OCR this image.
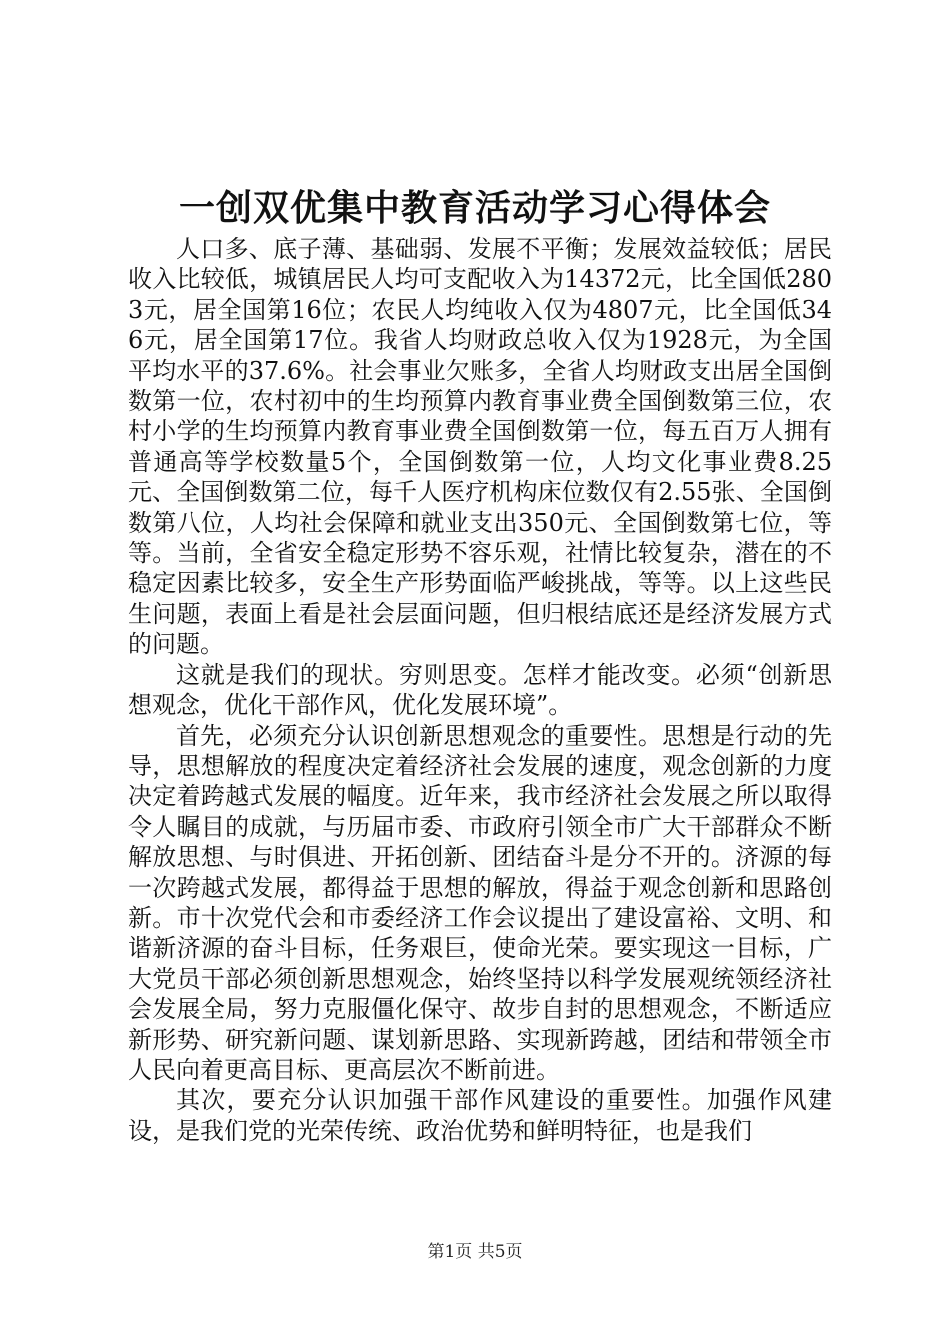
一创双优集中教育活动学习心得体会

人口多、底子薄、基础弱、发展不平衡；发展效益较低；居民收入比较低，城镇居民人均可支配收入为14372元，比全国低2803元，居全国第16位；农民人均纯收入仅为4807元，比全国低346元，居全国第17位。我省人均财政总收入仅为1928元，为全国平均水平的37.6%。社会事业欠账多，全省人均财政支出居全国倒数第一位，农村初中的生均预算内教育事业费全国倒数第三位，农村小学的生均预算内教育事业费全国倒数第一位，每五百万人拥有普通高等学校数量5个，全国倒数第一位，人均文化事业费8.25元、全国倒数第二位，每千人医疗机构床位数仅有2.55张、全国倒数第八位，人均社会保障和就业支出350元、全国倒数第七位，等等。当前，全省安全稳定形势不容乐观，社情比较复杂，潜在的不稳定因素比较多，安全生产形势面临严峻挑战，等等。以上这些民生问题，表面上看是社会层面问题，但归根结底还是经济发展方式的问题。

这就是我们的现状。穷则思变。怎样才能改变。必须“创新思想观念，优化干部作风，优化发展环境”。

首先，必须充分认识创新思想观念的重要性。思想是行动的先导，思想解放的程度决定着经济社会发展的速度，观念创新的力度决定着跨越式发展的幅度。近年来，我市经济社会发展之所以取得令人瞩目的成就，与历届市委、市政府引领全市广大干部群众不断解放思想、与时俱进、开拓创新、团结奋斗是分不开的。济源的每一次跨越式发展，都得益于思想的解放，得益于观念创新和思路创新。市十次党代会和市委经济工作会议提出了建设富裕、文明、和谐新济源的奋斗目标，任务艰巨，使命光荣。要实现这一目标，广大党员干部必须创新思想观念，始终坚持以科学发展观统领经济社会发展全局，努力克服僵化保守、故步自封的思想观念，不断适应新形势、研究新问题、谋划新思路、实现新跨越，团结和带领全市人民向着更高目标、更高层次不断前进。

其次，要充分认识加强干部作风建设的重要性。加强作风建设，是我们党的光荣传统、政治优势和鲜明特征，也是我们

第1页 共5页
